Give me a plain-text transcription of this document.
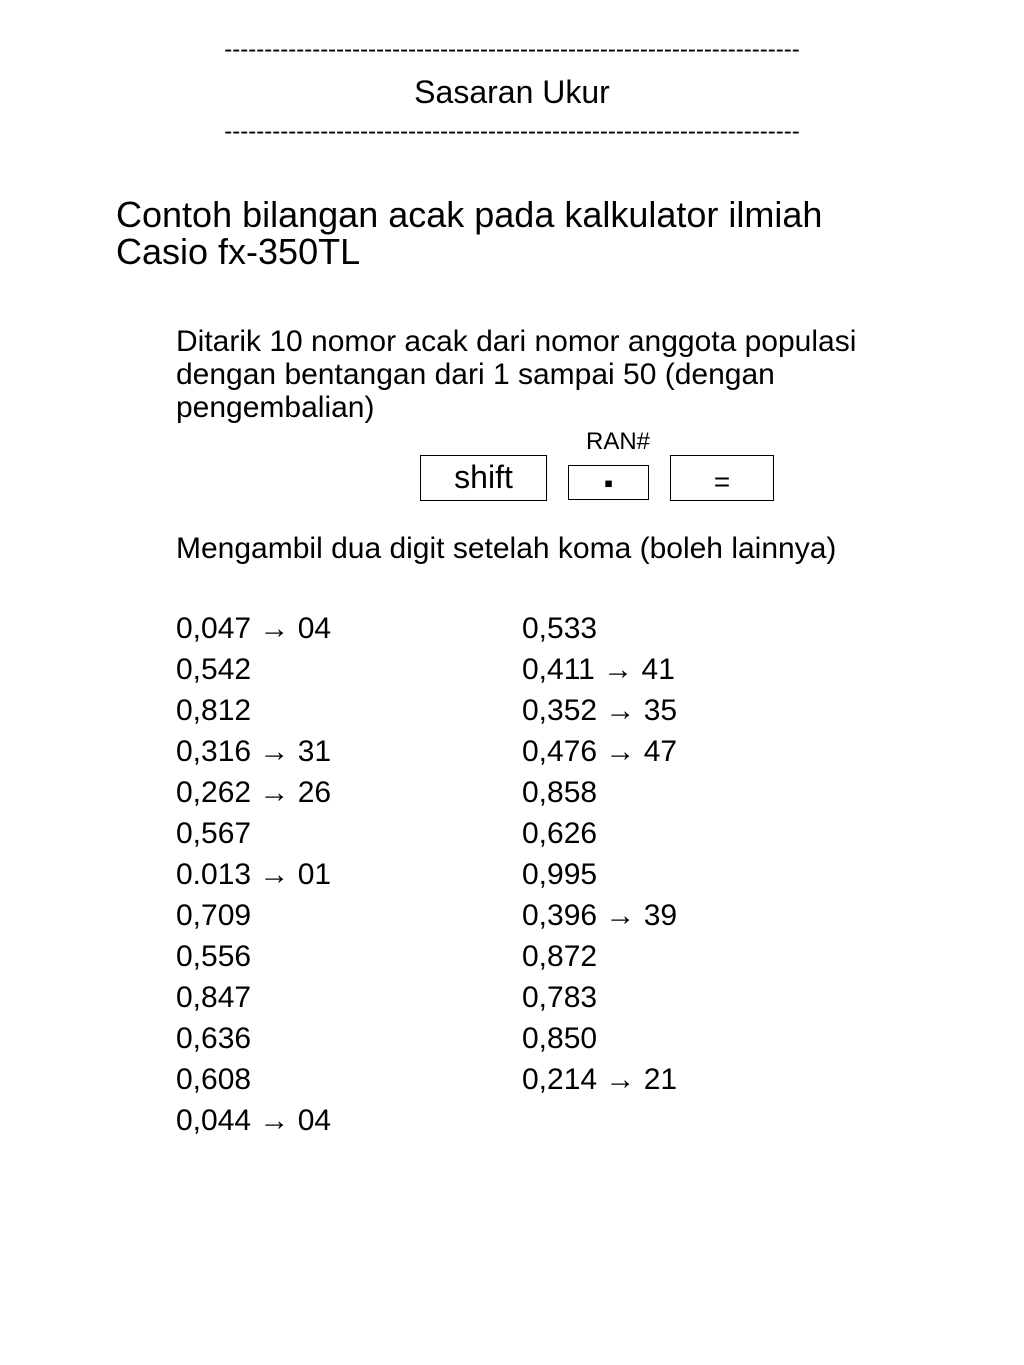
------------------------------------------------------------------------
Sasaran Ukur
------------------------------------------------------------------------
Contoh bilangan acak pada kalkulator ilmiah
Casio fx-350TL
Ditarik 10 nomor acak dari nomor anggota populasi
dengan bentangan dari 1 sampai 50 (dengan
pengembalian)
RAN#
shift	▪	=
Mengambil dua digit setelah koma (boleh lainnya)
0,047 → 04
0,542
0,812
0,316 → 31
0,262 → 26
0,567
0.013 → 01
0,709
0,556
0,847
0,636
0,608
0,044 → 04
0,533
0,411 → 41
0,352 → 35
0,476 → 47
0,858
0,626
0,995
0,396 → 39
0,872
0,783
0,850
0,214 → 21
